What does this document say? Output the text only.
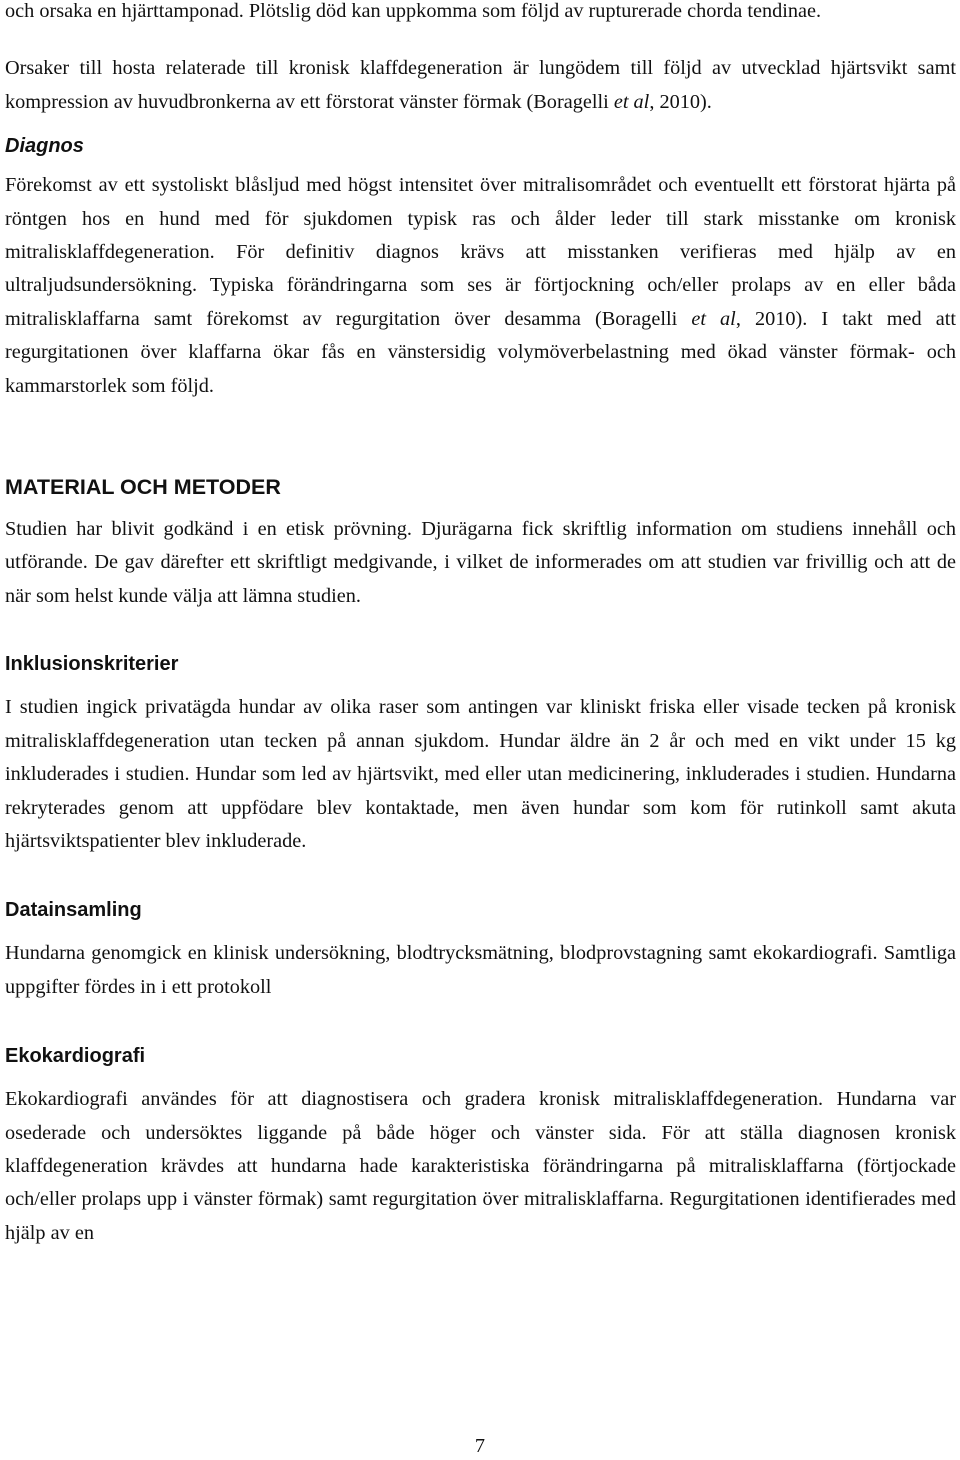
och orsaka en hjärttamponad. Plötslig död kan uppkomma som följd av rupturerade chorda tendinae.

Orsaker till hosta relaterade till kronisk klaffdegeneration är lungödem till följd av utvecklad hjärtsvikt samt kompression av huvudbronkerna av ett förstorat vänster förmak (Boragelli et al, 2010).

Diagnos

Förekomst av ett systoliskt blåsljud med högst intensitet över mitralisområdet och eventuellt ett förstorat hjärta på röntgen hos en hund med för sjukdomen typisk ras och ålder leder till stark misstanke om kronisk mitralisklaffdegeneration. För definitiv diagnos krävs att misstanken verifieras med hjälp av en ultraljudsundersökning. Typiska förändringarna som ses är förtjockning och/eller prolaps av en eller båda mitralisklaffarna samt förekomst av regurgitation över desamma (Boragelli et al, 2010). I takt med att regurgitationen över klaffarna ökar fås en vänstersidig volymöverbelastning med ökad vänster förmak- och kammarstorlek som följd.

MATERIAL OCH METODER

Studien har blivit godkänd i en etisk prövning. Djurägarna fick skriftlig information om studiens innehåll och utförande. De gav därefter ett skriftligt medgivande, i vilket de informerades om att studien var frivillig och att de när som helst kunde välja att lämna studien.

Inklusionskriterier

I studien ingick privatägda hundar av olika raser som antingen var kliniskt friska eller visade tecken på kronisk mitralisklaffdegeneration utan tecken på annan sjukdom. Hundar äldre än 2 år och med en vikt under 15 kg inkluderades i studien. Hundar som led av hjärtsvikt, med eller utan medicinering, inkluderades i studien. Hundarna rekryterades genom att uppfödare blev kontaktade, men även hundar som kom för rutinkoll samt akuta hjärtsviktspatienter blev inkluderade.

Datainsamling

Hundarna genomgick en klinisk undersökning, blodtrycksmätning, blodprovstagning samt ekokardiografi. Samtliga uppgifter fördes in i ett protokoll

Ekokardiografi

Ekokardiografi användes för att diagnostisera och gradera kronisk mitralisklaffdegeneration. Hundarna var osederade och undersöktes liggande på både höger och vänster sida. För att ställa diagnosen kronisk klaffdegeneration krävdes att hundarna hade karakteristiska förändringarna på mitralisklaffarna (förtjockade och/eller prolaps upp i vänster förmak) samt regurgitation över mitralisklaffarna. Regurgitationen identifierades med hjälp av en

7
